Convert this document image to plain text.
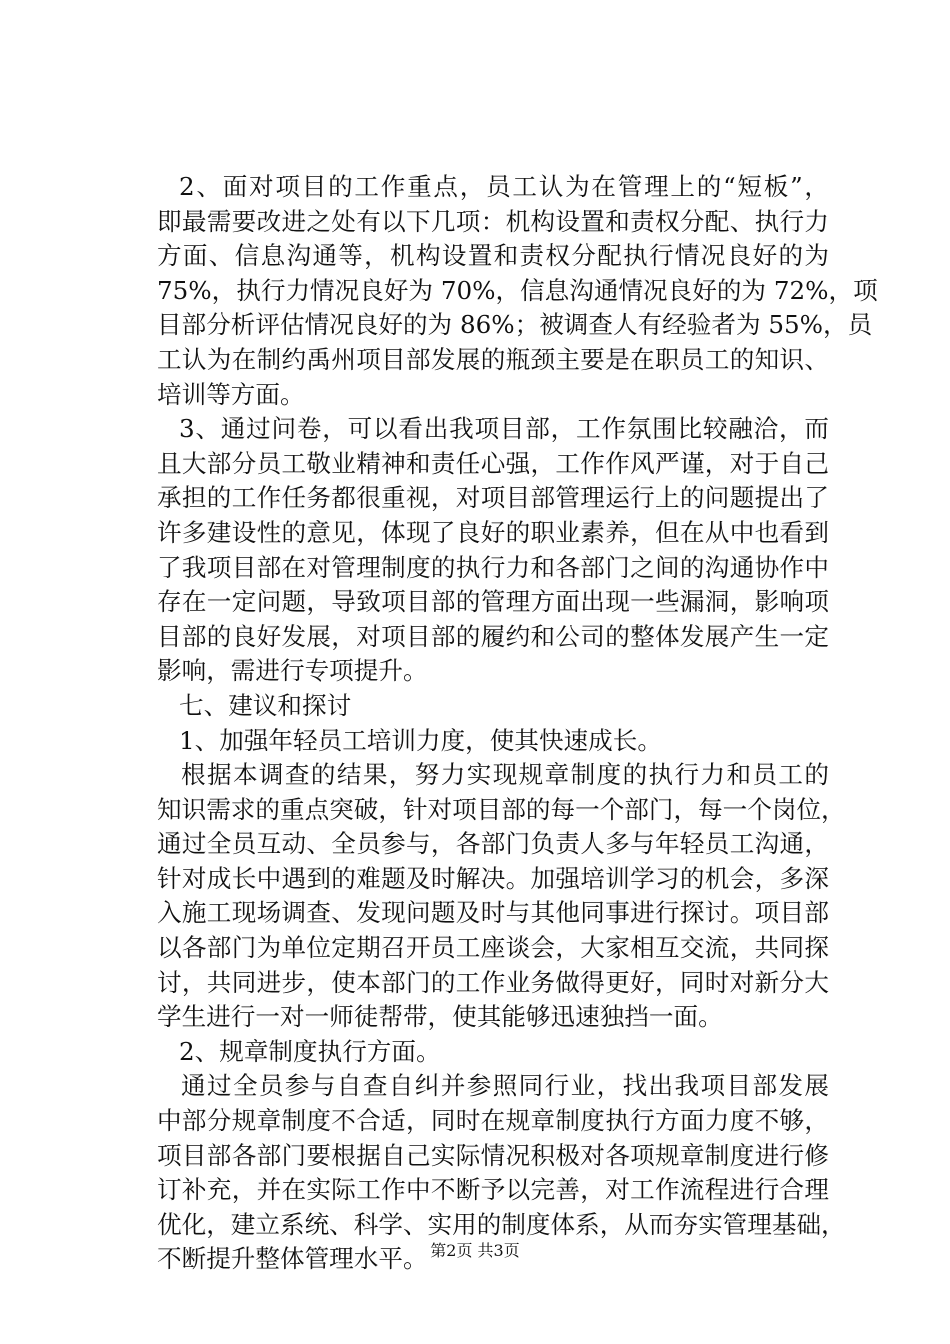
2、面对项目的工作重点，员工认为在管理上的“短板”，
即最需要改进之处有以下几项：机构设置和责权分配、执行力
方面、信息沟通等，机构设置和责权分配执行情况良好的为
75%，执行力情况良好为 70%，信息沟通情况良好的为 72%，项
目部分析评估情况良好的为 86%；被调查人有经验者为 55%，员
工认为在制约禹州项目部发展的瓶颈主要是在职员工的知识、
培训等方面。
3、通过问卷，可以看出我项目部，工作氛围比较融洽，而
且大部分员工敬业精神和责任心强，工作作风严谨，对于自己
承担的工作任务都很重视，对项目部管理运行上的问题提出了
许多建设性的意见，体现了良好的职业素养，但在从中也看到
了我项目部在对管理制度的执行力和各部门之间的沟通协作中
存在一定问题，导致项目部的管理方面出现一些漏洞，影响项
目部的良好发展，对项目部的履约和公司的整体发展产生一定
影响，需进行专项提升。
七、建议和探讨
1、加强年轻员工培训力度，使其快速成长。
根据本调查的结果，努力实现规章制度的执行力和员工的
知识需求的重点突破，针对项目部的每一个部门，每一个岗位，
通过全员互动、全员参与，各部门负责人多与年轻员工沟通，
针对成长中遇到的难题及时解决。加强培训学习的机会，多深
入施工现场调查、发现问题及时与其他同事进行探讨。项目部
以各部门为单位定期召开员工座谈会，大家相互交流，共同探
讨，共同进步，使本部门的工作业务做得更好，同时对新分大
学生进行一对一师徒帮带，使其能够迅速独挡一面。
2、规章制度执行方面。
通过全员参与自查自纠并参照同行业，找出我项目部发展
中部分规章制度不合适，同时在规章制度执行方面力度不够，
项目部各部门要根据自己实际情况积极对各项规章制度进行修
订补充，并在实际工作中不断予以完善，对工作流程进行合理
优化，建立系统、科学、实用的制度体系，从而夯实管理基础，
不断提升整体管理水平。 第2页 共3页
